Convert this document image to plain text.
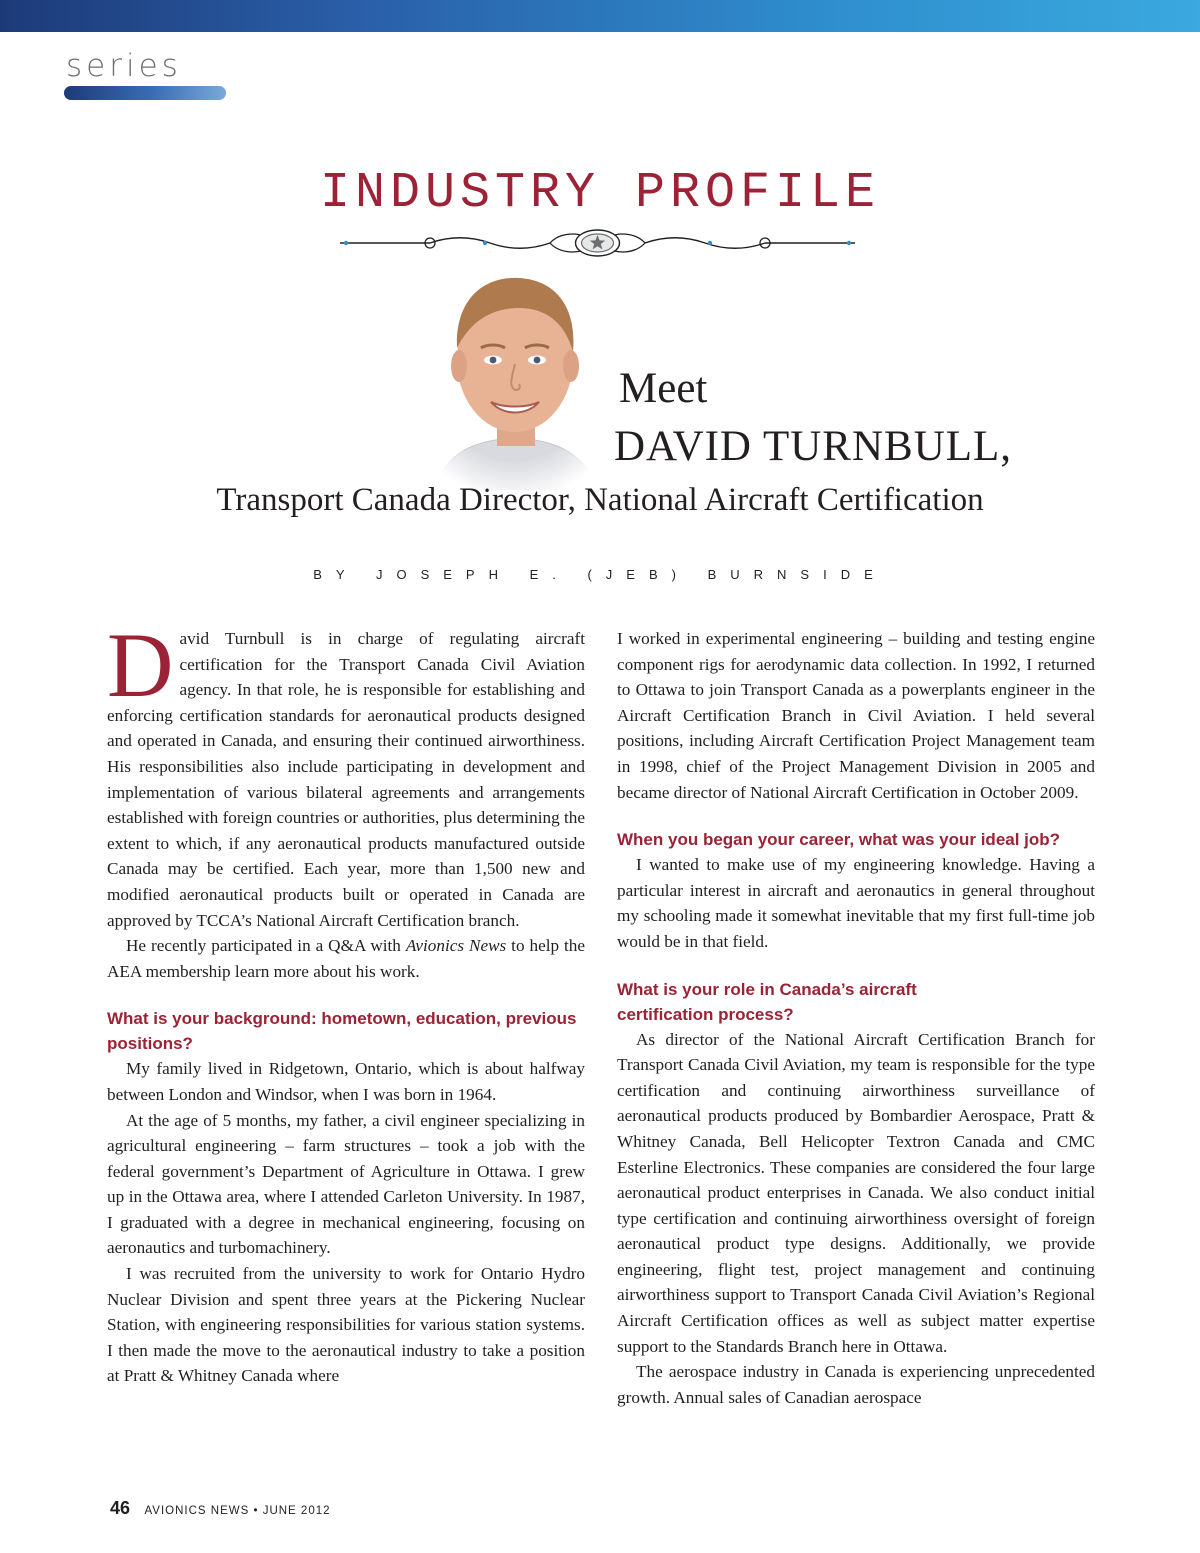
series
INDUSTRY PROFILE
Meet
DAVID TURNBULL,
Transport Canada Director, National Aircraft Certification
BY JOSEPH E. (JEB) BURNSIDE

David Turnbull is in charge of regulating aircraft certification for the Transport Canada Civil Aviation agency. In that role, he is responsible for establishing and enforcing certification standards for aeronautical products designed and operated in Canada, and ensuring their continued airworthiness. His responsibilities also include participating in development and implementation of various bilateral agreements and arrangements established with foreign countries or authorities, plus determining the extent to which, if any aeronautical products manufactured outside Canada may be certified. Each year, more than 1,500 new and modified aeronautical products built or operated in Canada are approved by TCCA’s National Aircraft Certification branch.

He recently participated in a Q&A with Avionics News to help the AEA membership learn more about his work.

What is your background: hometown, education, previous positions?

My family lived in Ridgetown, Ontario, which is about halfway between London and Windsor, when I was born in 1964.

At the age of 5 months, my father, a civil engineer specializing in agricultural engineering – farm structures – took a job with the federal government’s Department of Agriculture in Ottawa. I grew up in the Ottawa area, where I attended Carleton University. In 1987, I graduated with a degree in mechanical engineering, focusing on aeronautics and turbomachinery.

I was recruited from the university to work for Ontario Hydro Nuclear Division and spent three years at the Pickering Nuclear Station, with engineering responsibilities for various station systems. I then made the move to the aeronautical industry to take a position at Pratt & Whitney Canada where

I worked in experimental engineering – building and testing engine component rigs for aerodynamic data collection. In 1992, I returned to Ottawa to join Transport Canada as a powerplants engineer in the Aircraft Certification Branch in Civil Aviation. I held several positions, including Aircraft Certification Project Management team in 1998, chief of the Project Management Division in 2005 and became director of National Aircraft Certification in October 2009.

When you began your career, what was your ideal job?

I wanted to make use of my engineering knowledge. Having a particular interest in aircraft and aeronautics in general throughout my schooling made it somewhat inevitable that my first full-time job would be in that field.

What is your role in Canada’s aircraft
certification process?

As director of the National Aircraft Certification Branch for Transport Canada Civil Aviation, my team is responsible for the type certification and continuing airworthiness surveillance of aeronautical products produced by Bombardier Aerospace, Pratt & Whitney Canada, Bell Helicopter Textron Canada and CMC Esterline Electronics. These companies are considered the four large aeronautical product enterprises in Canada. We also conduct initial type certification and continuing airworthiness oversight of foreign aeronautical product type designs. Additionally, we provide engineering, flight test, project management and continuing airworthiness support to Transport Canada Civil Aviation’s Regional Aircraft Certification offices as well as subject matter expertise support to the Standards Branch here in Ottawa.

The aerospace industry in Canada is experiencing unprecedented growth. Annual sales of Canadian aerospace

46 AVIONICS NEWS • JUNE 2012
